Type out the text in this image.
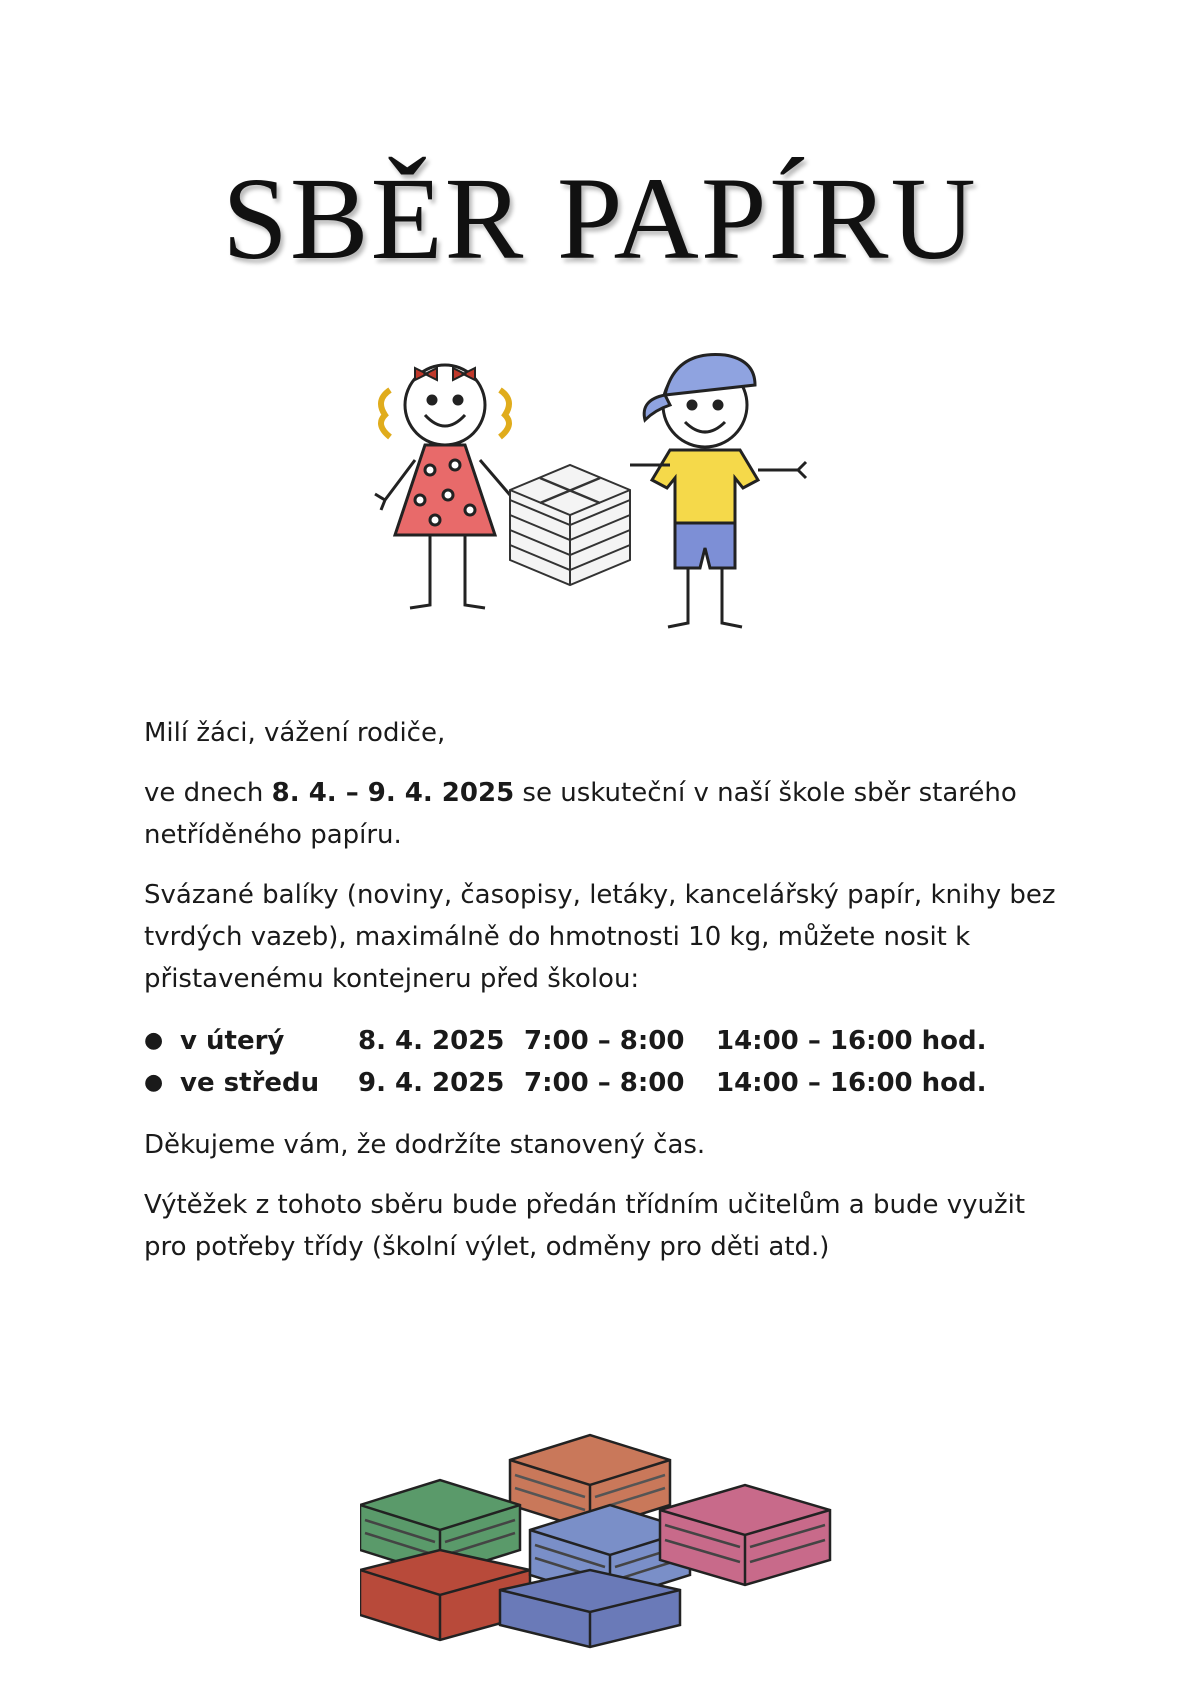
SBĚR PAPÍRU

Milí žáci, vážení rodiče,

ve dnech 8. 4. – 9. 4. 2025 se uskuteční v naší škole sběr starého netříděného papíru.

Svázané balíky (noviny, časopisy, letáky, kancelářský papír, knihy bez tvrdých vazeb), maximálně do hmotnosti 10 kg, můžete nosit k přistavenému kontejneru před školou:

● v úterý	8. 4. 2025 7:00 – 8:00	14:00 – 16:00 hod.
● ve středu	9. 4. 2025 7:00 – 8:00	14:00 – 16:00 hod.

Děkujeme vám, že dodržíte stanovený čas.

Výtěžek z tohoto sběru bude předán třídním učitelům a bude využit pro potřeby třídy (školní výlet, odměny pro děti atd.)
